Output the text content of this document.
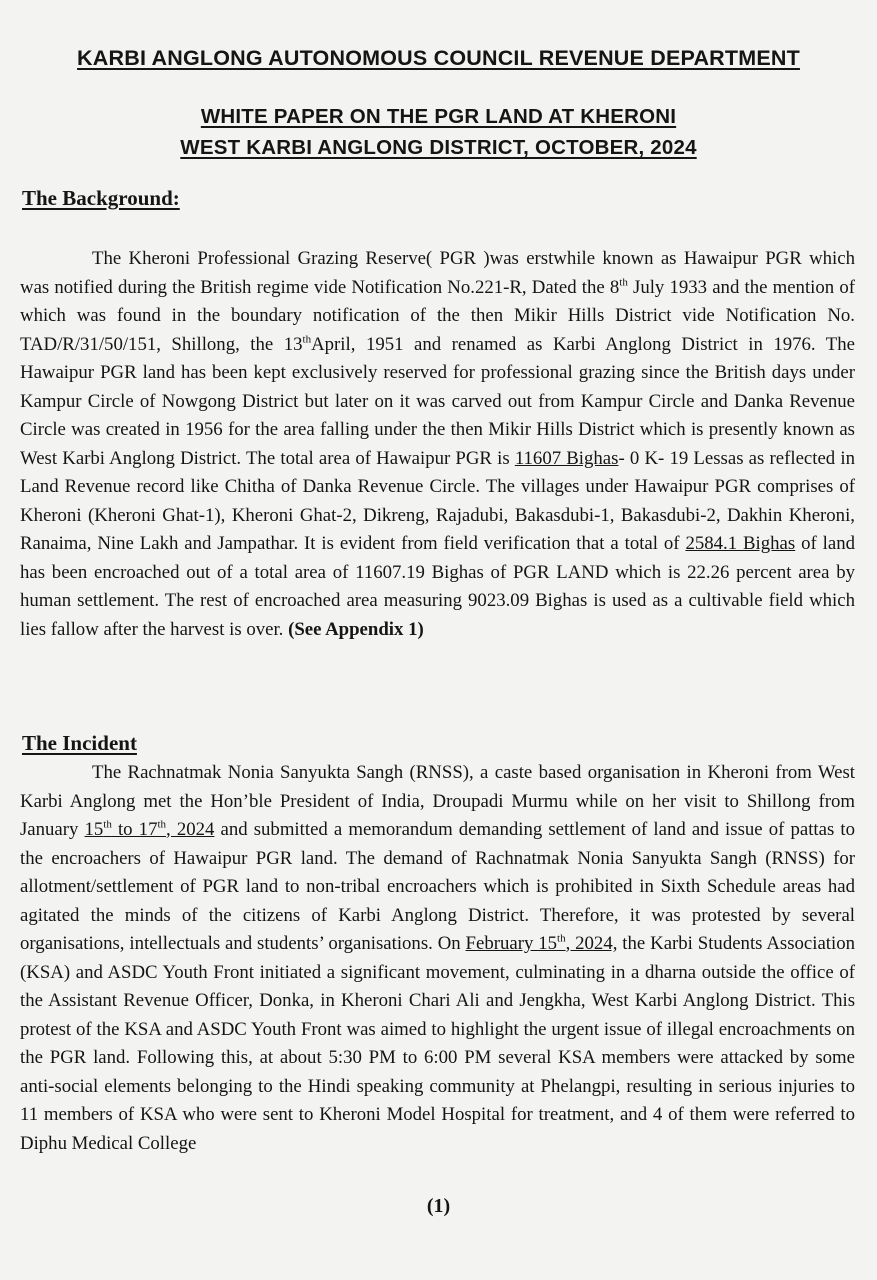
KARBI ANGLONG AUTONOMOUS COUNCIL REVENUE DEPARTMENT
WHITE PAPER ON THE PGR LAND AT KHERONI
WEST KARBI ANGLONG DISTRICT, OCTOBER, 2024
The Background:
The Kheroni Professional Grazing Reserve( PGR )was erstwhile known as Hawaipur PGR which was notified during the British regime vide Notification No.221-R, Dated the 8th July 1933 and the mention of which was found in the boundary notification of the then Mikir Hills District vide Notification No. TAD/R/31/50/151, Shillong, the 13thApril, 1951 and renamed as Karbi Anglong District in 1976. The Hawaipur PGR land has been kept exclusively reserved for professional grazing since the British days under Kampur Circle of Nowgong District but later on it was carved out from Kampur Circle and Danka Revenue Circle was created in 1956 for the area falling under the then Mikir Hills District which is presently known as West Karbi Anglong District. The total area of Hawaipur PGR is 11607 Bighas- 0 K- 19 Lessas as reflected in Land Revenue record like Chitha of Danka Revenue Circle. The villages under Hawaipur PGR comprises of Kheroni (Kheroni Ghat-1), Kheroni Ghat-2, Dikreng, Rajadubi, Bakasdubi-1, Bakasdubi-2, Dakhin Kheroni, Ranaima, Nine Lakh and Jampathar. It is evident from field verification that a total of 2584.1 Bighas of land has been encroached out of a total area of 11607.19 Bighas of PGR LAND which is 22.26 percent area by human settlement. The rest of encroached area measuring 9023.09 Bighas is used as a cultivable field which lies fallow after the harvest is over. (See Appendix 1)
The Incident
The Rachnatmak Nonia Sanyukta Sangh (RNSS), a caste based organisation in Kheroni from West Karbi Anglong met the Hon’ble President of India, Droupadi Murmu while on her visit to Shillong from January 15th to 17th, 2024 and submitted a memorandum demanding settlement of land and issue of pattas to the encroachers of Hawaipur PGR land. The demand of Rachnatmak Nonia Sanyukta Sangh (RNSS) for allotment/settlement of PGR land to non-tribal encroachers which is prohibited in Sixth Schedule areas had agitated the minds of the citizens of Karbi Anglong District. Therefore, it was protested by several organisations, intellectuals and students’ organisations. On February 15th, 2024, the Karbi Students Association (KSA) and ASDC Youth Front initiated a significant movement, culminating in a dharna outside the office of the Assistant Revenue Officer, Donka, in Kheroni Chari Ali and Jengkha, West Karbi Anglong District. This protest of the KSA and ASDC Youth Front was aimed to highlight the urgent issue of illegal encroachments on the PGR land. Following this, at about 5:30 PM to 6:00 PM several KSA members were attacked by some anti-social elements belonging to the Hindi speaking community at Phelangpi, resulting in serious injuries to 11 members of KSA who were sent to Kheroni Model Hospital for treatment, and 4 of them were referred to Diphu Medical College
(1)
